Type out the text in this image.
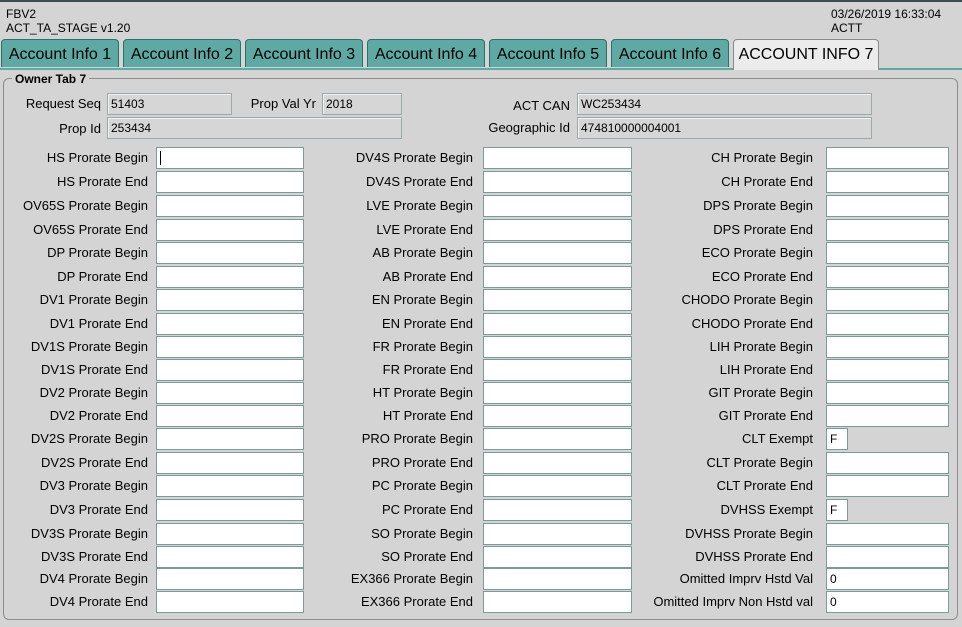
FBV2
ACT_TA_STAGE v1.20
03/26/2019 16:33:04
ACTT
Account Info 1	Account Info 2	Account Info 3	Account Info 4	Account Info 5	Account Info 6	ACCOUNT INFO 7
Owner Tab 7
Request Seq 51403	Prop Val Yr 2018	ACT CAN WC253434
Prop Id 253434	Geographic Id 474810000004001
HS Prorate Begin
HS Prorate End
OV65S Prorate Begin
OV65S Prorate End
DP Prorate Begin
DP Prorate End
DV1 Prorate Begin
DV1 Prorate End
DV1S Prorate Begin
DV1S Prorate End
DV2 Prorate Begin
DV2 Prorate End
DV2S Prorate Begin
DV2S Prorate End
DV3 Prorate Begin
DV3 Prorate End
DV3S Prorate Begin
DV3S Prorate End
DV4 Prorate Begin
DV4 Prorate End
DV4S Prorate Begin
DV4S Prorate End
LVE Prorate Begin
LVE Prorate End
AB Prorate Begin
AB Prorate End
EN Prorate Begin
EN Prorate End
FR Prorate Begin
FR Prorate End
HT Prorate Begin
HT Prorate End
PRO Prorate Begin
PRO Prorate End
PC Prorate Begin
PC Prorate End
SO Prorate Begin
SO Prorate End
EX366 Prorate Begin
EX366 Prorate End
CH Prorate Begin
CH Prorate End
DPS Prorate Begin
DPS Prorate End
ECO Prorate Begin
ECO Prorate End
CHODO Prorate Begin
CHODO Prorate End
LIH Prorate Begin
LIH Prorate End
GIT Prorate Begin
GIT Prorate End
CLT Exempt	F
CLT Prorate Begin
CLT Prorate End
DVHSS Exempt	F
DVHSS Prorate Begin
DVHSS Prorate End
Omitted Imprv Hstd Val	0
Omitted Imprv Non Hstd val	0
